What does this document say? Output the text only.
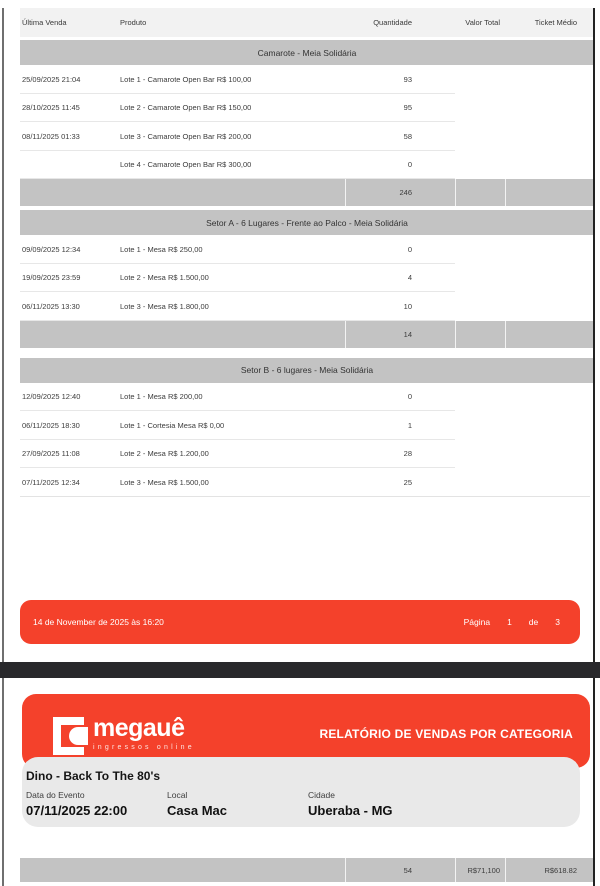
Última Venda	Produto	Quantidade	Valor Total	Ticket Médio
Camarote - Meia Solidária
25/09/2025 21:04	Lote 1 - Camarote Open Bar R$ 100,00	93
28/10/2025 11:45	Lote 2 - Camarote Open Bar R$ 150,00	95
08/11/2025 01:33	Lote 3 - Camarote Open Bar R$ 200,00	58
Lote 4 - Camarote Open Bar R$ 300,00	0
246
Setor A - 6 Lugares - Frente ao Palco - Meia Solidária
09/09/2025 12:34	Lote 1 - Mesa R$ 250,00	0
19/09/2025 23:59	Lote 2 - Mesa R$ 1.500,00	4
06/11/2025 13:30	Lote 3 - Mesa R$ 1.800,00	10
14
Setor B - 6 lugares - Meia Solidária
12/09/2025 12:40	Lote 1 - Mesa R$ 200,00	0
06/11/2025 18:30	Lote 1 - Cortesia Mesa R$ 0,00	1
27/09/2025 11:08	Lote 2 - Mesa R$ 1.200,00	28
07/11/2025 12:34	Lote 3 - Mesa R$ 1.500,00	25
14 de November de 2025 às 16:20	Página 1 de 3
megauê
ingressos online
RELATÓRIO DE VENDAS POR CATEGORIA
Dino - Back To The 80's
Data do Evento
07/11/2025 22:00
Local
Casa Mac
Cidade
Uberaba - MG
54	R$71,100	R$618.82
